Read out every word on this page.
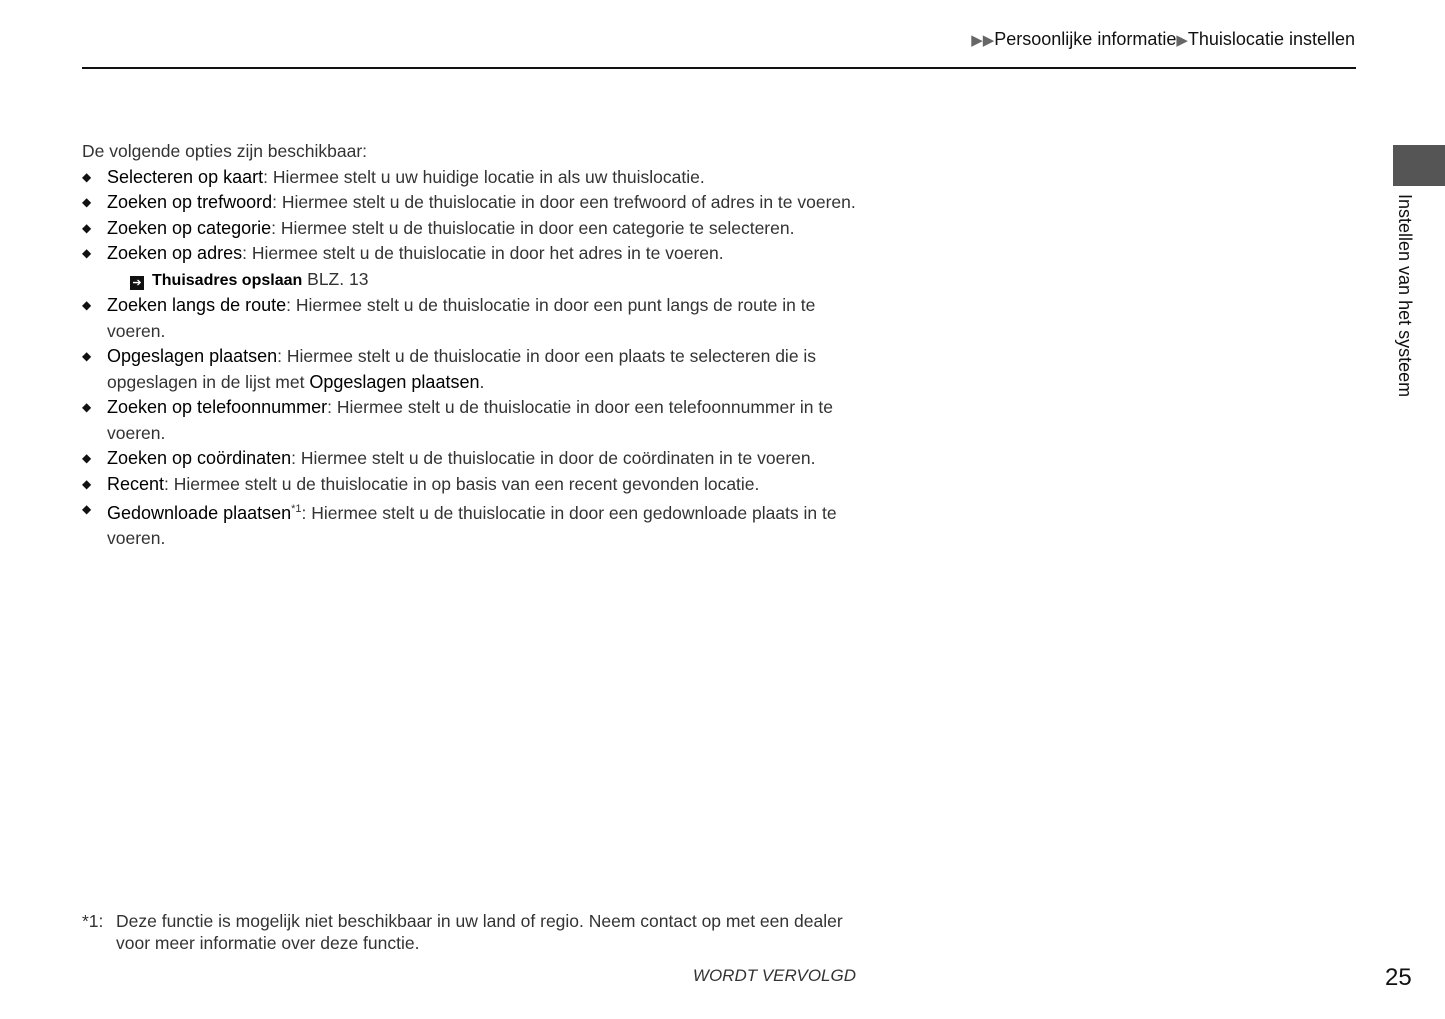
▶▶Persoonlijke informatie▶Thuislocatie instellen
Instellen van het systeem

De volgende opties zijn beschikbaar:

◆ Selecteren op kaart: Hiermee stelt u uw huidige locatie in als uw thuislocatie.
◆ Zoeken op trefwoord: Hiermee stelt u de thuislocatie in door een trefwoord of adres in te voeren.
◆ Zoeken op categorie: Hiermee stelt u de thuislocatie in door een categorie te selecteren.
◆ Zoeken op adres: Hiermee stelt u de thuislocatie in door het adres in te voeren.
➔ Thuisadres opslaan BLZ. 13
◆ Zoeken langs de route: Hiermee stelt u de thuislocatie in door een punt langs de route in te voeren.
◆ Opgeslagen plaatsen: Hiermee stelt u de thuislocatie in door een plaats te selecteren die is opgeslagen in de lijst met Opgeslagen plaatsen.
◆ Zoeken op telefoonnummer: Hiermee stelt u de thuislocatie in door een telefoonnummer in te voeren.
◆ Zoeken op coördinaten: Hiermee stelt u de thuislocatie in door de coördinaten in te voeren.
◆ Recent: Hiermee stelt u de thuislocatie in op basis van een recent gevonden locatie.
◆ Gedownloade plaatsen$^{*1}$: Hiermee stelt u de thuislocatie in door een gedownloade plaats in te voeren.
*1: Deze functie is mogelijk niet beschikbaar in uw land of regio. Neem contact op met een dealer voor meer informatie over deze functie.
WORDT VERVOLGD	25
